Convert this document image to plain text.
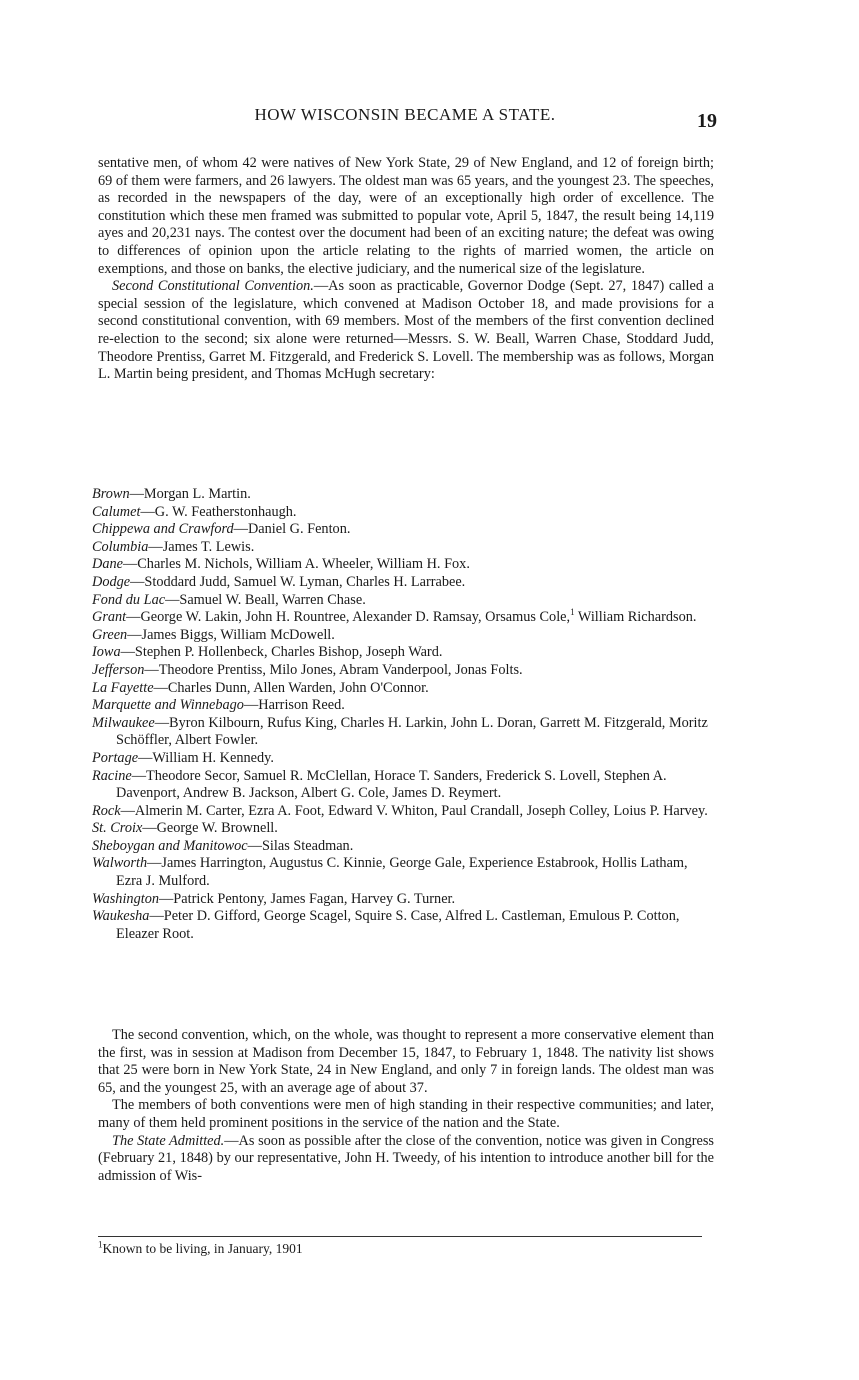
HOW WISCONSIN BECAME A STATE.	19

sentative men, of whom 42 were natives of New York State, 29 of New England, and 12 of foreign birth; 69 of them were farmers, and 26 lawyers. The oldest man was 65 years, and the youngest 23. The speeches, as recorded in the newspapers of the day, were of an exceptionally high order of excellence. The constitution which these men framed was submitted to popular vote, April 5, 1847, the result being 14,119 ayes and 20,231 nays. The contest over the document had been of an exciting nature; the defeat was owing to differences of opinion upon the article relating to the rights of married women, the article on exemptions, and those on banks, the elective judiciary, and the numerical size of the legislature.

Second Constitutional Convention.—As soon as practicable, Governor Dodge (Sept. 27, 1847) called a special session of the legislature, which convened at Madison October 18, and made provisions for a second constitutional convention, with 69 members. Most of the members of the first convention declined re-election to the second; six alone were returned—Messrs. S. W. Beall, Warren Chase, Stoddard Judd, Theodore Prentiss, Garret M. Fitzgerald, and Frederick S. Lovell. The membership was as follows, Morgan L. Martin being president, and Thomas McHugh secretary:

Brown—Morgan L. Martin.

Calumet—G. W. Featherstonhaugh.

Chippewa and Crawford—Daniel G. Fenton.

Columbia—James T. Lewis.

Dane—Charles M. Nichols, William A. Wheeler, William H. Fox.

Dodge—Stoddard Judd, Samuel W. Lyman, Charles H. Larrabee.

Fond du Lac—Samuel W. Beall, Warren Chase.

Grant—George W. Lakin, John H. Rountree, Alexander D. Ramsay, Orsamus Cole,$^1$ William Richardson.

Green—James Biggs, William McDowell.

Iowa—Stephen P. Hollenbeck, Charles Bishop, Joseph Ward.

Jefferson—Theodore Prentiss, Milo Jones, Abram Vanderpool, Jonas Folts.

La Fayette—Charles Dunn, Allen Warden, John O'Connor.

Marquette and Winnebago—Harrison Reed.

Milwaukee—Byron Kilbourn, Rufus King, Charles H. Larkin, John L. Doran, Garrett M. Fitzgerald, Moritz Schöffler, Albert Fowler.

Portage—William H. Kennedy.

Racine—Theodore Secor, Samuel R. McClellan, Horace T. Sanders, Frederick S. Lovell, Stephen A. Davenport, Andrew B. Jackson, Albert G. Cole, James D. Reymert.

Rock—Almerin M. Carter, Ezra A. Foot, Edward V. Whiton, Paul Crandall, Joseph Colley, Loius P. Harvey.

St. Croix—George W. Brownell.

Sheboygan and Manitowoc—Silas Steadman.

Walworth—James Harrington, Augustus C. Kinnie, George Gale, Experience Estabrook, Hollis Latham, Ezra J. Mulford.

Washington—Patrick Pentony, James Fagan, Harvey G. Turner.

Waukesha—Peter D. Gifford, George Scagel, Squire S. Case, Alfred L. Castleman, Emulous P. Cotton, Eleazer Root.

The second convention, which, on the whole, was thought to represent a more conservative element than the first, was in session at Madison from December 15, 1847, to February 1, 1848. The nativity list shows that 25 were born in New York State, 24 in New England, and only 7 in foreign lands. The oldest man was 65, and the youngest 25, with an average age of about 37.

The members of both conventions were men of high standing in their respective communities; and later, many of them held prominent positions in the service of the nation and the State.

The State Admitted.—As soon as possible after the close of the convention, notice was given in Congress (February 21, 1848) by our representative, John H. Tweedy, of his intention to introduce another bill for the admission of Wis-

$^1$Known to be living, in January, 1901
